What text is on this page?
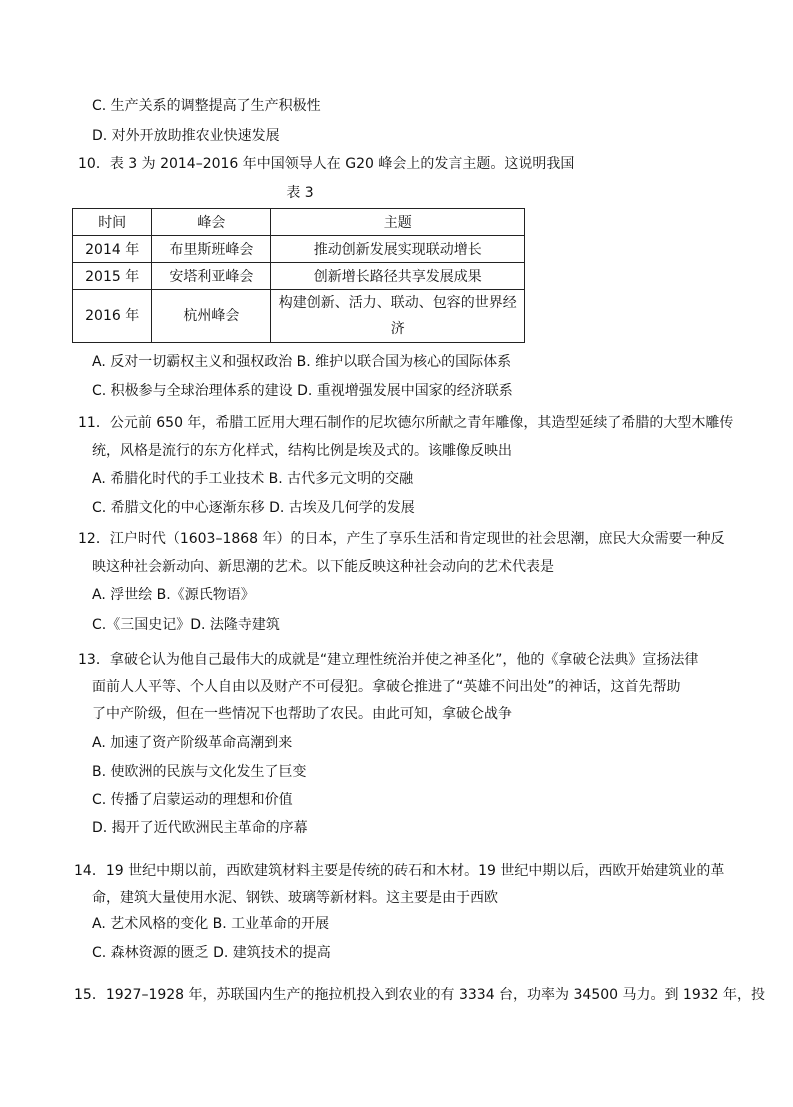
C. 生产关系的调整提高了生产积极性
D. 对外开放助推农业快速发展
10．表 3 为 2014–2016 年中国领导人在 G20 峰会上的发言主题。这说明我国
表 3
时间	峰会	主题
2014 年	布里斯班峰会	推动创新发展实现联动增长
2015 年	安塔利亚峰会	创新增长路径共享发展成果
2016 年	杭州峰会	构建创新、活力、联动、包容的世界经济
A. 反对一切霸权主义和强权政治 B. 维护以联合国为核心的国际体系
C. 积极参与全球治理体系的建设 D. 重视增强发展中国家的经济联系
11．公元前 650 年，希腊工匠用大理石制作的尼坎德尔所献之青年雕像，其造型延续了希腊的大型木雕传
统，风格是流行的东方化样式，结构比例是埃及式的。该雕像反映出
A. 希腊化时代的手工业技术 B. 古代多元文明的交融
C. 希腊文化的中心逐渐东移 D. 古埃及几何学的发展
12．江户时代（1603–1868 年）的日本，产生了享乐生活和肯定现世的社会思潮，庶民大众需要一种反
映这种社会新动向、新思潮的艺术。以下能反映这种社会动向的艺术代表是
A. 浮世绘 B.《源氏物语》
C.《三国史记》D. 法隆寺建筑
13．拿破仑认为他自己最伟大的成就是“建立理性统治并使之神圣化”，他的《拿破仑法典》宣扬法律
面前人人平等、个人自由以及财产不可侵犯。拿破仑推进了“英雄不问出处”的神话，这首先帮助
了中产阶级，但在一些情况下也帮助了农民。由此可知，拿破仑战争
A. 加速了资产阶级革命高潮到来
B. 使欧洲的民族与文化发生了巨变
C. 传播了启蒙运动的理想和价值
D. 揭开了近代欧洲民主革命的序幕
14．19 世纪中期以前，西欧建筑材料主要是传统的砖石和木材。19 世纪中期以后，西欧开始建筑业的革
命，建筑大量使用水泥、钢铁、玻璃等新材料。这主要是由于西欧
A. 艺术风格的变化 B. 工业革命的开展
C. 森林资源的匮乏 D. 建筑技术的提高
15．1927–1928 年，苏联国内生产的拖拉机投入到农业的有 3334 台，功率为 34500 马力。到 1932 年，投
